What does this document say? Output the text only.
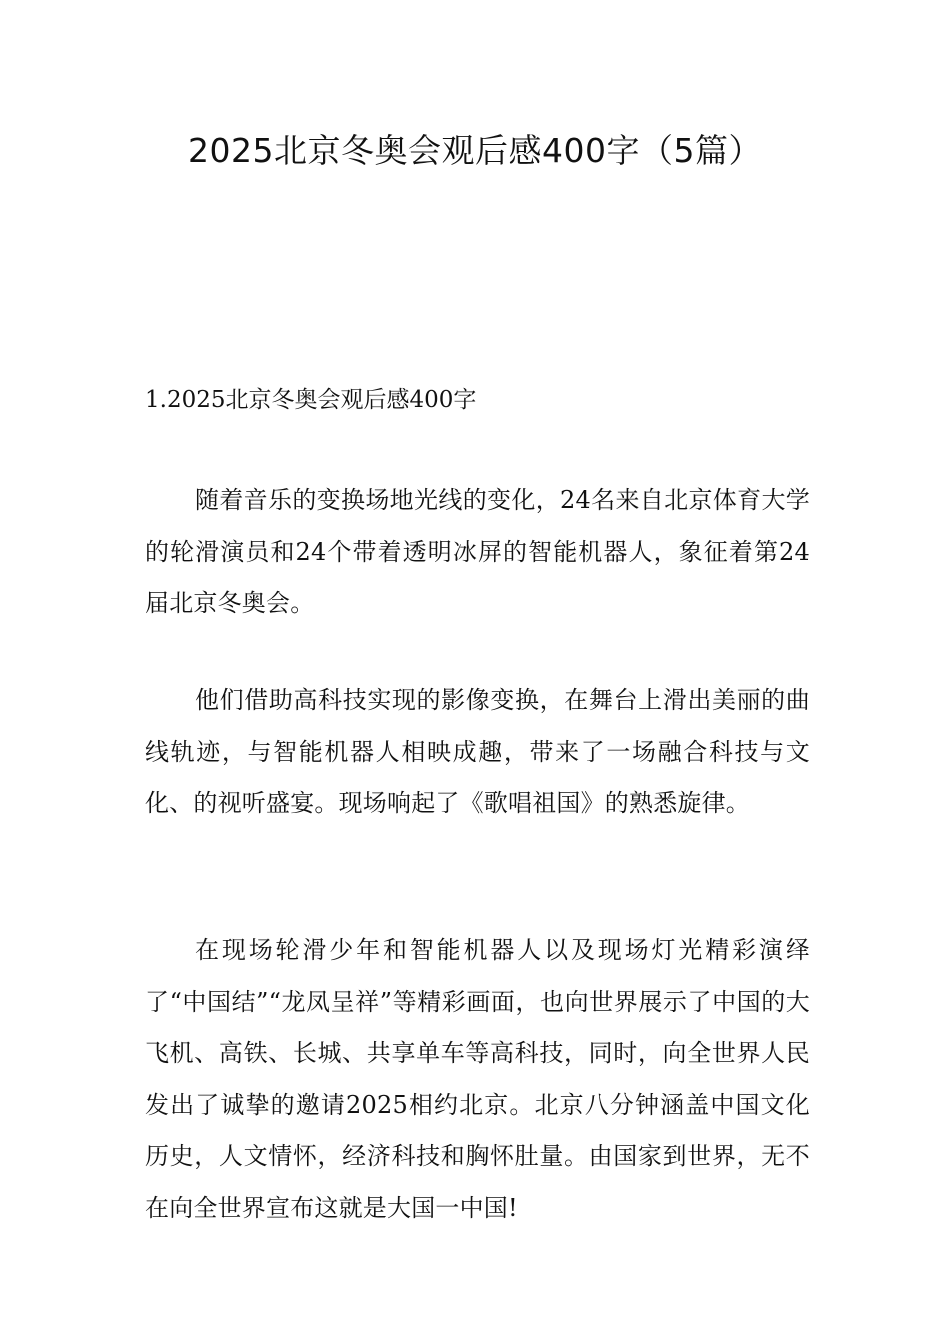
2025北京冬奥会观后感400字（5篇）
1.2025北京冬奥会观后感400字

随着音乐的变换场地光线的变化，24名来自北京体育大学的轮滑演员和24个带着透明冰屏的智能机器人，象征着第24届北京冬奥会。

他们借助高科技实现的影像变换，在舞台上滑出美丽的曲线轨迹，与智能机器人相映成趣，带来了一场融合科技与文化、的视听盛宴。现场响起了《歌唱祖国》的熟悉旋律。

在现场轮滑少年和智能机器人以及现场灯光精彩演绎了“中国结”“龙凤呈祥”等精彩画面，也向世界展示了中国的大飞机、高铁、长城、共享单车等高科技，同时，向全世界人民发出了诚挚的邀请2025相约北京。北京八分钟涵盖中国文化历史，人文情怀，经济科技和胸怀肚量。由国家到世界，无不在向全世界宣布这就是大国一中国!
